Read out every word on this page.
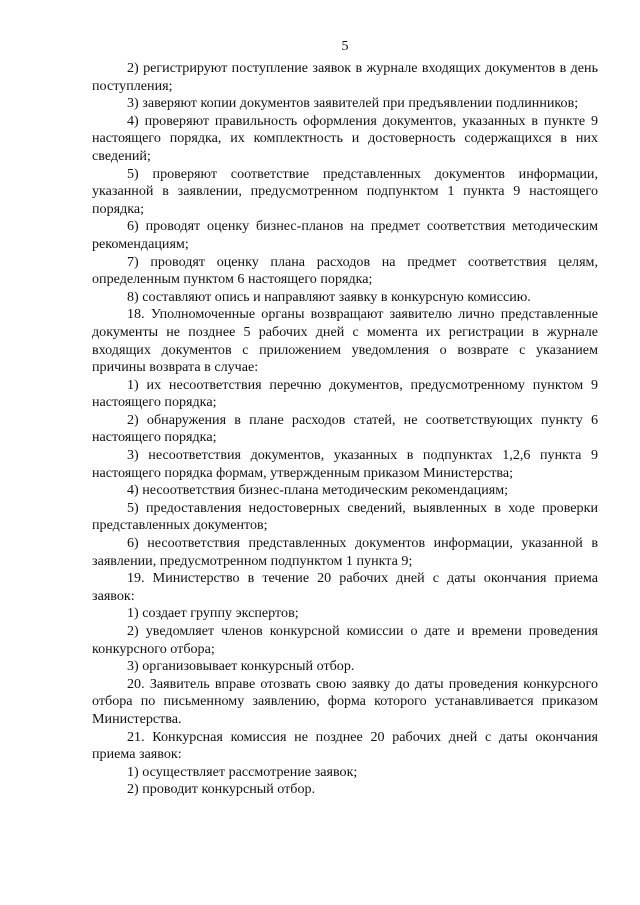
5

2) регистрируют поступление заявок в журнале входящих документов в день поступления;

3) заверяют копии документов заявителей при предъявлении подлинников;

4) проверяют правильность оформления документов, указанных в пункте 9 настоящего порядка, их комплектность и достоверность содержащихся в них сведений;

5) проверяют соответствие представленных документов информации, указанной в заявлении, предусмотренном подпунктом 1 пункта 9 настоящего порядка;

6) проводят оценку бизнес-планов на предмет соответствия методическим рекомендациям;

7) проводят оценку плана расходов на предмет соответствия целям, определенным пунктом 6 настоящего порядка;

8) составляют опись и направляют заявку в конкурсную комиссию.

18. Уполномоченные органы возвращают заявителю лично представленные документы не позднее 5 рабочих дней с момента их регистрации в журнале входящих документов с приложением уведомления о возврате с указанием причины возврата в случае:

1) их несоответствия перечню документов, предусмотренному пунктом 9 настоящего порядка;

2) обнаружения в плане расходов статей, не соответствующих пункту 6 настоящего порядка;

3) несоответствия документов, указанных в подпунктах 1,2,6 пункта 9 настоящего порядка формам, утвержденным приказом Министерства;

4) несоответствия бизнес-плана методическим рекомендациям;

5) предоставления недостоверных сведений, выявленных в ходе проверки представленных документов;

6) несоответствия представленных документов информации, указанной в заявлении, предусмотренном подпунктом 1 пункта 9;

19. Министерство в течение 20 рабочих дней с даты окончания приема заявок:

1) создает группу экспертов;

2) уведомляет членов конкурсной комиссии о дате и времени проведения конкурсного отбора;

3) организовывает конкурсный отбор.

20. Заявитель вправе отозвать свою заявку до даты проведения конкурсного отбора по письменному заявлению, форма которого устанавливается приказом Министерства.

21. Конкурсная комиссия не позднее 20 рабочих дней с даты окончания приема заявок:

1) осуществляет рассмотрение заявок;

2) проводит конкурсный отбор.
